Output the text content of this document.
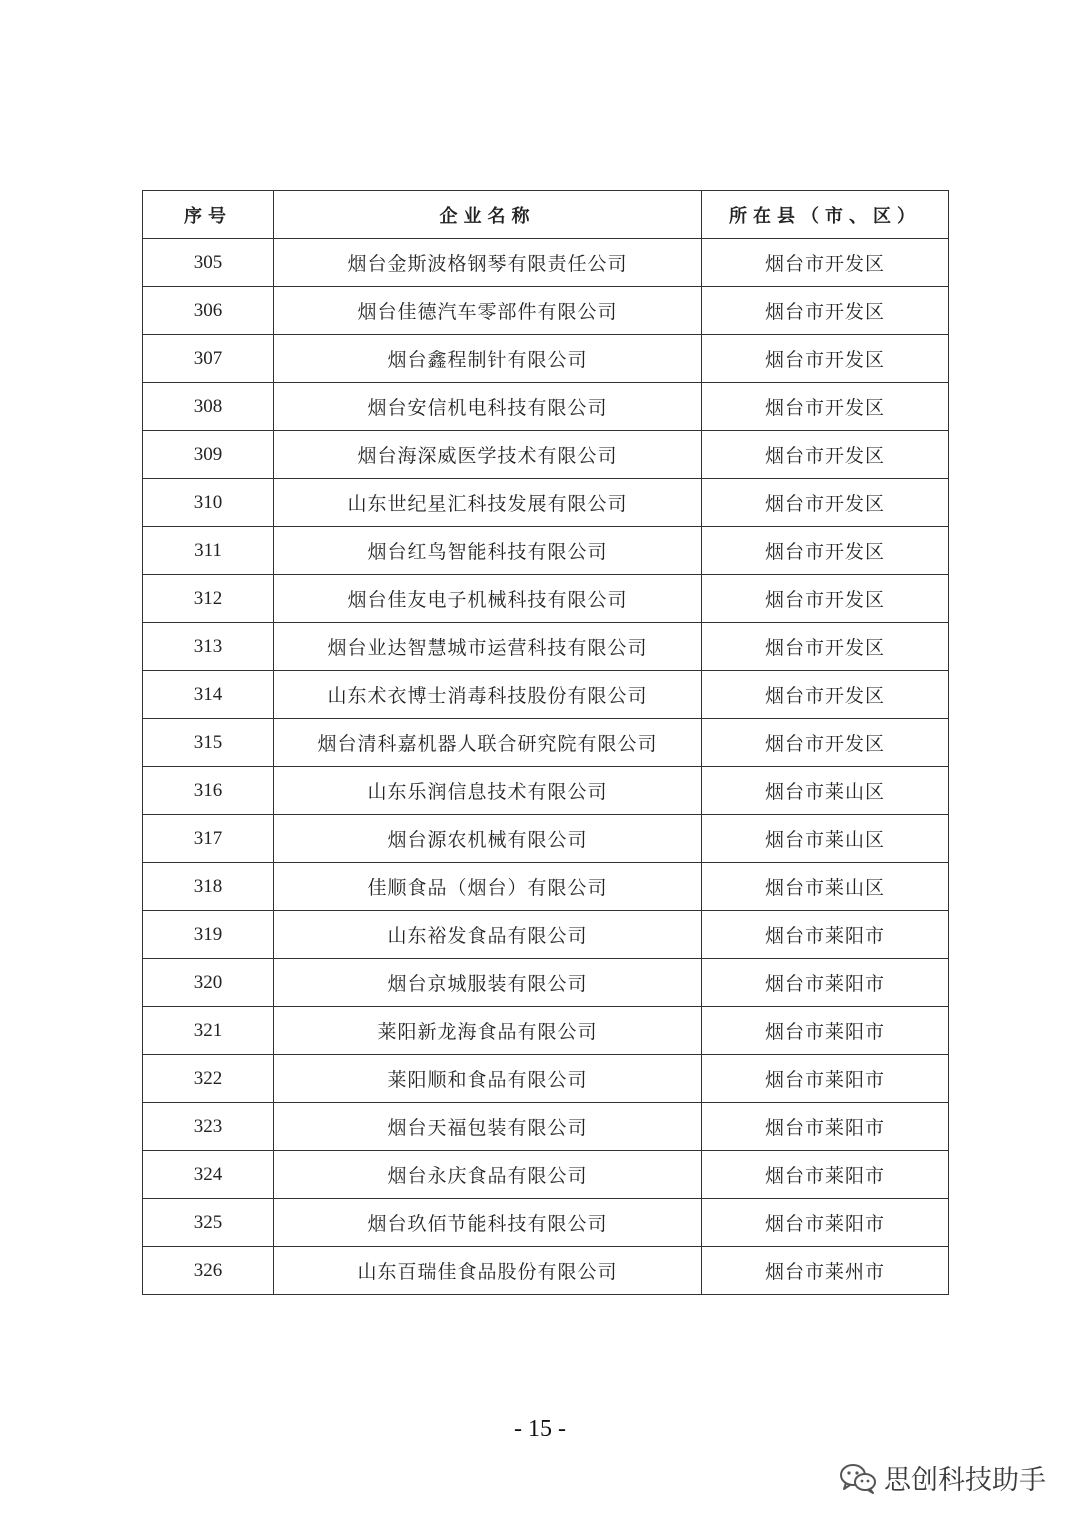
序号	企业名称	所在县（市、区）
305	烟台金斯波格钢琴有限责任公司	烟台市开发区
306	烟台佳德汽车零部件有限公司	烟台市开发区
307	烟台鑫程制针有限公司	烟台市开发区
308	烟台安信机电科技有限公司	烟台市开发区
309	烟台海深威医学技术有限公司	烟台市开发区
310	山东世纪星汇科技发展有限公司	烟台市开发区
311	烟台红鸟智能科技有限公司	烟台市开发区
312	烟台佳友电子机械科技有限公司	烟台市开发区
313	烟台业达智慧城市运营科技有限公司	烟台市开发区
314	山东术衣博士消毒科技股份有限公司	烟台市开发区
315	烟台清科嘉机器人联合研究院有限公司	烟台市开发区
316	山东乐润信息技术有限公司	烟台市莱山区
317	烟台源农机械有限公司	烟台市莱山区
318	佳顺食品（烟台）有限公司	烟台市莱山区
319	山东裕发食品有限公司	烟台市莱阳市
320	烟台京城服装有限公司	烟台市莱阳市
321	莱阳新龙海食品有限公司	烟台市莱阳市
322	莱阳顺和食品有限公司	烟台市莱阳市
323	烟台天福包装有限公司	烟台市莱阳市
324	烟台永庆食品有限公司	烟台市莱阳市
325	烟台玖佰节能科技有限公司	烟台市莱阳市
326	山东百瑞佳食品股份有限公司	烟台市莱州市
- 15 -
思创科技助手
